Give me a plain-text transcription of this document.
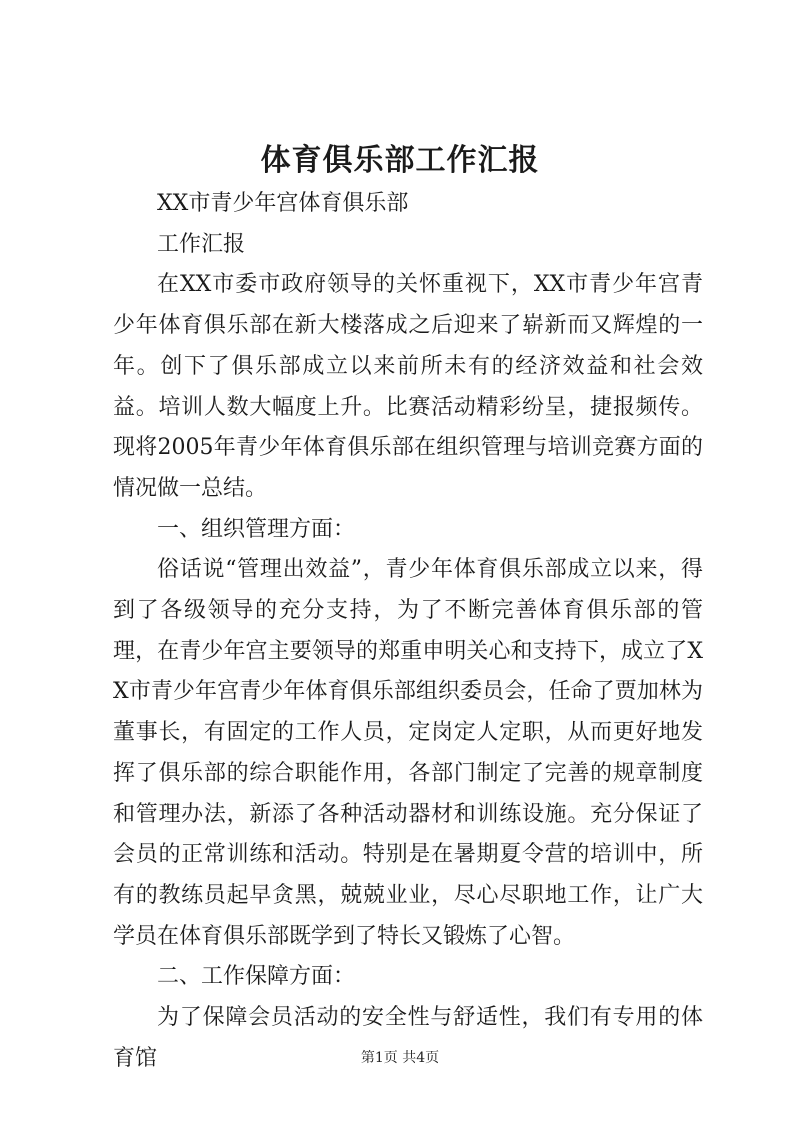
体育俱乐部工作汇报

XX市青少年宫体育俱乐部

工作汇报

在XX市委市政府领导的关怀重视下，XX市青少年宫青少年体育俱乐部在新大楼落成之后迎来了崭新而又辉煌的一年。创下了俱乐部成立以来前所未有的经济效益和社会效益。培训人数大幅度上升。比赛活动精彩纷呈，捷报频传。现将2005年青少年体育俱乐部在组织管理与培训竞赛方面的情况做一总结。

一、组织管理方面：

俗话说“管理出效益”，青少年体育俱乐部成立以来，得到了各级领导的充分支持，为了不断完善体育俱乐部的管理，在青少年宫主要领导的郑重申明关心和支持下，成立了XX市青少年宫青少年体育俱乐部组织委员会，任命了贾加林为董事长，有固定的工作人员，定岗定人定职，从而更好地发挥了俱乐部的综合职能作用，各部门制定了完善的规章制度和管理办法，新添了各种活动器材和训练设施。充分保证了会员的正常训练和活动。特别是在暑期夏令营的培训中，所有的教练员起早贪黑，兢兢业业，尽心尽职地工作，让广大学员在体育俱乐部既学到了特长又锻炼了心智。

二、工作保障方面：

为了保障会员活动的安全性与舒适性，我们有专用的体育馆	第1页 共4页
